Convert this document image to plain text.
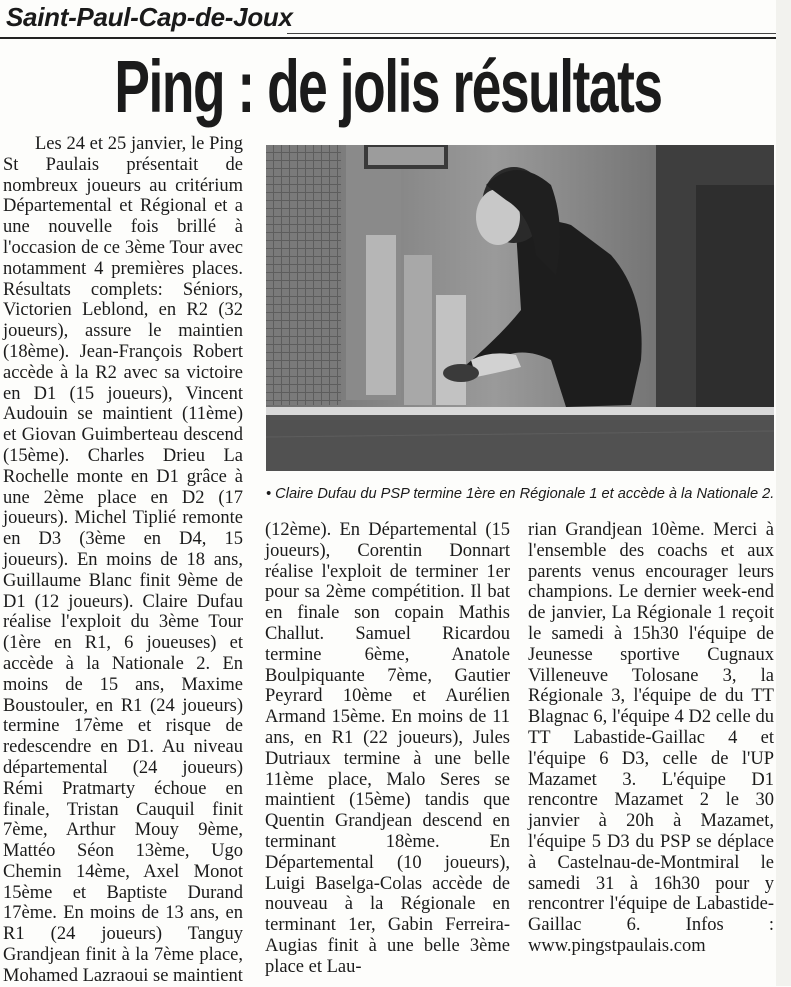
Saint-Paul-Cap-de-Joux
Ping : de jolis résultats

Les 24 et 25 janvier, le Ping St Paulais présentait de nombreux joueurs au critérium Départemental et Régional et a une nouvelle fois brillé à l'occasion de ce 3ème Tour avec notamment 4 premières places. Résultats complets: Séniors, Victorien Leblond, en R2 (32 joueurs), assure le maintien (18ème). Jean-François Robert accède à la R2 avec sa victoire en D1 (15 joueurs), Vincent Audouin se maintient (11ème) et Giovan Guimberteau descend (15ème). Charles Drieu La Rochelle monte en D1 grâce à une 2ème place en D2 (17 joueurs). Michel Tiplié remonte en D3 (3ème en D4, 15 joueurs). En moins de 18 ans, Guillaume Blanc finit 9ème de D1 (12 joueurs). Claire Dufau réalise l'exploit du 3ème Tour (1ère en R1, 6 joueuses) et accède à la Nationale 2. En moins de 15 ans, Maxime Boustouler, en R1 (24 joueurs) termine 17ème et risque de redescendre en D1. Au niveau départemental (24 joueurs) Rémi Pratmarty échoue en finale, Tristan Cauquil finit 7ème, Arthur Mouy 9ème, Mattéo Séon 13ème, Ugo Chemin 14ème, Axel Monot 15ème et Baptiste Durand 17ème. En moins de 13 ans, en R1 (24 joueurs) Tanguy Grandjean finit à la 7ème place, Mohamed Lazraoui se maintient

• Claire Dufau du PSP termine 1ère en Régionale 1 et accède à la Nationale 2.

(12ème). En Départemental (15 joueurs), Corentin Donnart réalise l'exploit de terminer 1er pour sa 2ème compétition. Il bat en finale son copain Mathis Challut. Samuel Ricardou termine 6ème, Anatole Boulpiquante 7ème, Gautier Peyrard 10ème et Aurélien Armand 15ème. En moins de 11 ans, en R1 (22 joueurs), Jules Dutriaux termine à une belle 11ème place, Malo Seres se maintient (15ème) tandis que Quentin Grandjean descend en terminant 18ème. En Départemental (10 joueurs), Luigi Baselga-Colas accède de nouveau à la Régionale en terminant 1er, Gabin Ferreira-Augias finit à une belle 3ème place et Lau-

rian Grandjean 10ème. Merci à l'ensemble des coachs et aux parents venus encourager leurs champions. Le dernier week-end de janvier, La Régionale 1 reçoit le samedi à 15h30 l'équipe de Jeunesse sportive Cugnaux Villeneuve Tolosane 3, la Régionale 3, l'équipe de du TT Blagnac 6, l'équipe 4 D2 celle du TT Labastide-Gaillac 4 et l'équipe 6 D3, celle de l'UP Mazamet 3. L'équipe D1 rencontre Mazamet 2 le 30 janvier à 20h à Mazamet, l'équipe 5 D3 du PSP se déplace à Castelnau-de-Montmiral le samedi 31 à 16h30 pour y rencontrer l'équipe de Labastide-Gaillac 6. Infos : www.pingstpaulais.com
